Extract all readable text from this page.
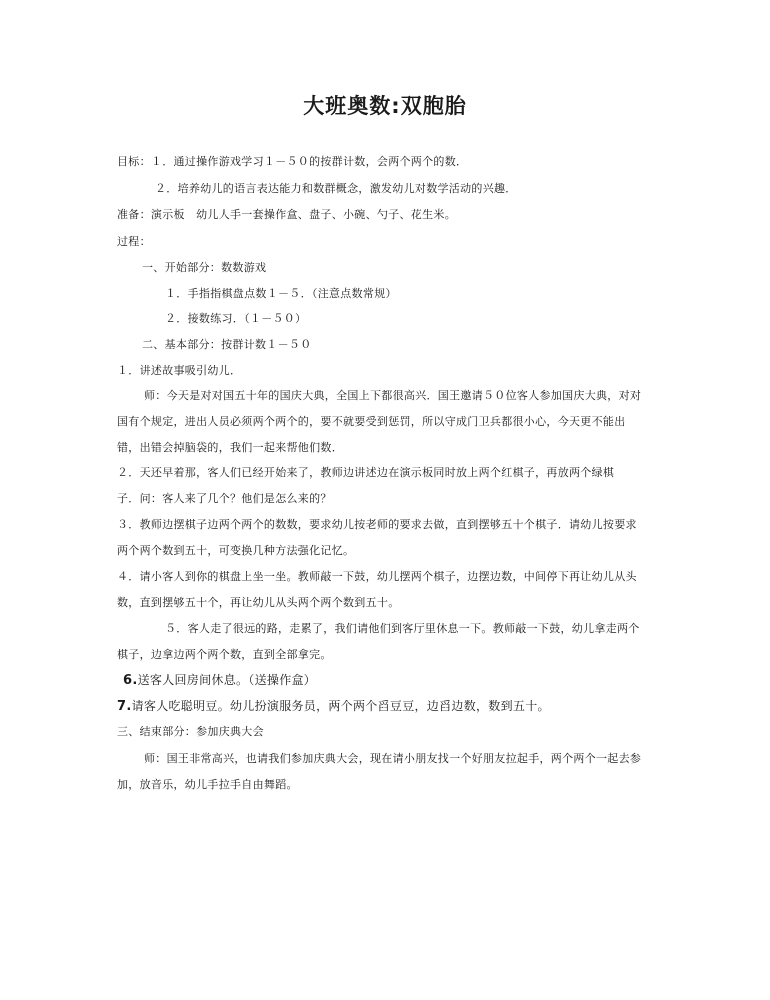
大班奥数:双胞胎
目标：１．通过操作游戏学习１－５０的按群计数，会两个两个的数．
２．培养幼儿的语言表达能力和数群概念，激发幼儿对数学活动的兴趣．
准备：演示板　幼儿人手一套操作盒、盘子、小碗、勺子、花生米。
过程：
一、开始部分：数数游戏
１．手指指棋盘点数１－５．（注意点数常规）
２．接数练习．（１－５０）
二、基本部分：按群计数１－５０
１．讲述故事吸引幼儿．
师：今天是对对国五十年的国庆大典，全国上下都很高兴．国王邀请５０位客人参加国庆大典，对对
国有个规定，进出人员必须两个两个的，要不就要受到惩罚，所以守成门卫兵都很小心，今天更不能出
错，出错会掉脑袋的，我们一起来帮他们数．
２．天还早着那，客人们已经开始来了，教师边讲述边在演示板同时放上两个红棋子，再放两个绿棋
子．问：客人来了几个？他们是怎么来的？
３．教师边摆棋子边两个两个的数数，要求幼儿按老师的要求去做，直到摆够五十个棋子．请幼儿按要求
两个两个数到五十，可变换几种方法强化记忆。
４．请小客人到你的棋盘上坐一坐。教师敲一下鼓，幼儿摆两个棋子，边摆边数，中间停下再让幼儿从头
数，直到摆够五十个，再让幼儿从头两个两个数到五十。
５．客人走了很远的路，走累了，我们请他们到客厅里休息一下。教师敲一下鼓，幼儿拿走两个
棋子，边拿边两个两个数，直到全部拿完。
6.送客人回房间休息。（送操作盒）
7.请客人吃聪明豆。幼儿扮演服务员，两个两个舀豆豆，边舀边数，数到五十。
三、结束部分：参加庆典大会
师：国王非常高兴，也请我们参加庆典大会，现在请小朋友找一个好朋友拉起手，两个两个一起去参
加，放音乐，幼儿手拉手自由舞蹈。
